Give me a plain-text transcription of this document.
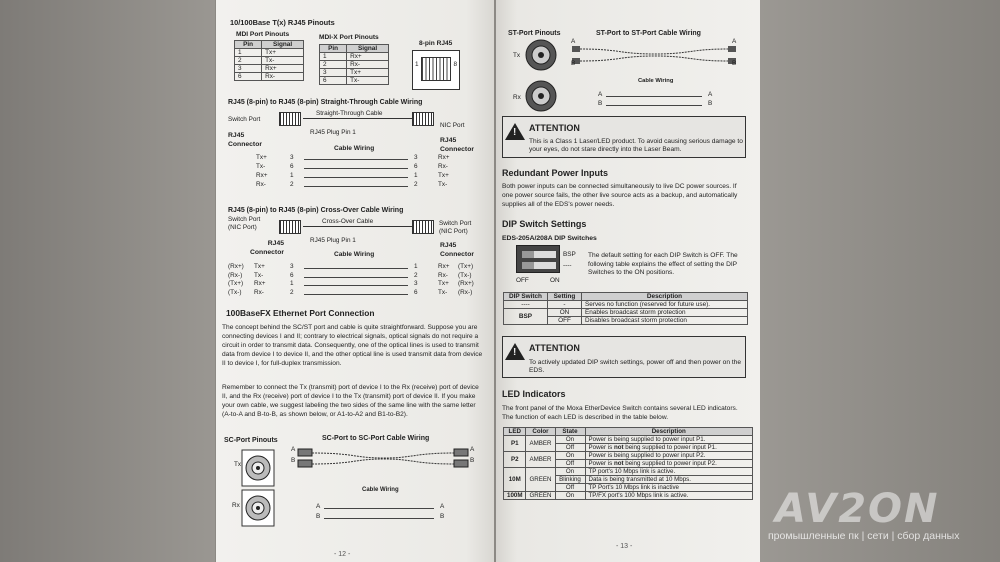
10/100Base T(x) RJ45 Pinouts
MDI Port Pinouts
Pin	Signal
1	Tx+
2	Tx-
3	Rx+
6	Rx-
MDI-X Port Pinouts
Pin	Signal
1	Rx+
2	Rx-
3	Tx+
6	Tx-
8-pin RJ45
1	8
RJ45 (8-pin) to RJ45 (8-pin) Straight-Through Cable Wiring
Switch Port
Straight-Through Cable
NIC Port
RJ45 Plug Pin 1
RJ45
Connector
RJ45
Connector
Cable Wiring
Tx+	3	3	Rx+
Tx-	6	6	Rx-
Rx+	1	1	Tx+
Rx-	2	2	Tx-
RJ45 (8-pin) to RJ45 (8-pin) Cross-Over Cable Wiring
Switch Port
(NIC Port)
Cross-Over Cable	Switch Port
(NIC Port)
RJ45 Plug Pin 1
RJ45
Connector
RJ45
Connector
Cable Wiring
(Rx+) Tx+	3	1	Rx+ (Tx+)
(Rx-) Tx-	6	2	Rx- (Tx-)
(Tx+) Rx+	1	3	Tx+ (Rx+)
(Tx-) Rx-	2	6	Tx- (Rx-)
100BaseFX Ethernet Port Connection
The concept behind the SC/ST port and cable is quite straightforward. Suppose you are connecting devices I and II; contrary to electrical signals, optical signals do not require a circuit in order to transmit data. Consequently, one of the optical lines is used to transmit data from device I to device II, and the other optical line is used transmit data from device II to device I, for full-duplex transmission.
Remember to connect the Tx (transmit) port of device I to the Rx (receive) port of device II, and the Rx (receive) port of device I to the Tx (transmit) port of device II. If you make your own cable, we suggest labeling the two sides of the same line with the same letter (A-to-A and B-to-B, as shown below, or A1-to-A2 and B1-to-B2).
SC-Port Pinouts	SC-Port to SC-Port Cable Wiring
Tx
Rx
A
B
A
B
Cable Wiring
A	A
B	B
- 12 -
ST-Port Pinouts	ST-Port to ST-Port Cable Wiring
Tx
Rx
A
B
A
B
Cable Wiring
A	A
B	B
!
ATTENTION
This is a Class 1 Laser/LED product. To avoid causing serious damage to your eyes, do not stare directly into the Laser Beam.
Redundant Power Inputs
Both power inputs can be connected simultaneously to live DC power sources. If one power source fails, the other live source acts as a backup, and automatically supplies all of the EDS's power needs.
DIP Switch Settings
EDS-205A/208A DIP Switches
BSP
----
OFF	ON
The default setting for each DIP Switch is OFF. The following table explains the effect of setting the DIP Switches to the ON positions.
DIP Switch	Setting	Description
----	-	Serves no function (reserved for future use).
BSP	ON	Enables broadcast storm protection
	OFF	Disables broadcast storm protection
!
ATTENTION
To actively updated DIP switch settings, power off and then power on the EDS.
LED Indicators
The front panel of the Moxa EtherDevice Switch contains several LED indicators. The function of each LED is described in the table below.
LED	Color	State	Description
P1	AMBER	On	Power is being supplied to power input P1.
		Off	Power is not being supplied to power input P1.
P2	AMBER	On	Power is being supplied to power input P2.
		Off	Power is not being supplied to power input P2.
10M	GREEN	On	TP port's 10 Mbps link is active.
		Blinking	Data is being transmitted at 10 Mbps.
		Off	TP Port's 10 Mbps link is inactive
100M	GREEN	On	TP/FX port's 100 Mbps link is active.
- 13 -
AV2ON
промышленные пк | сети | сбор данных
